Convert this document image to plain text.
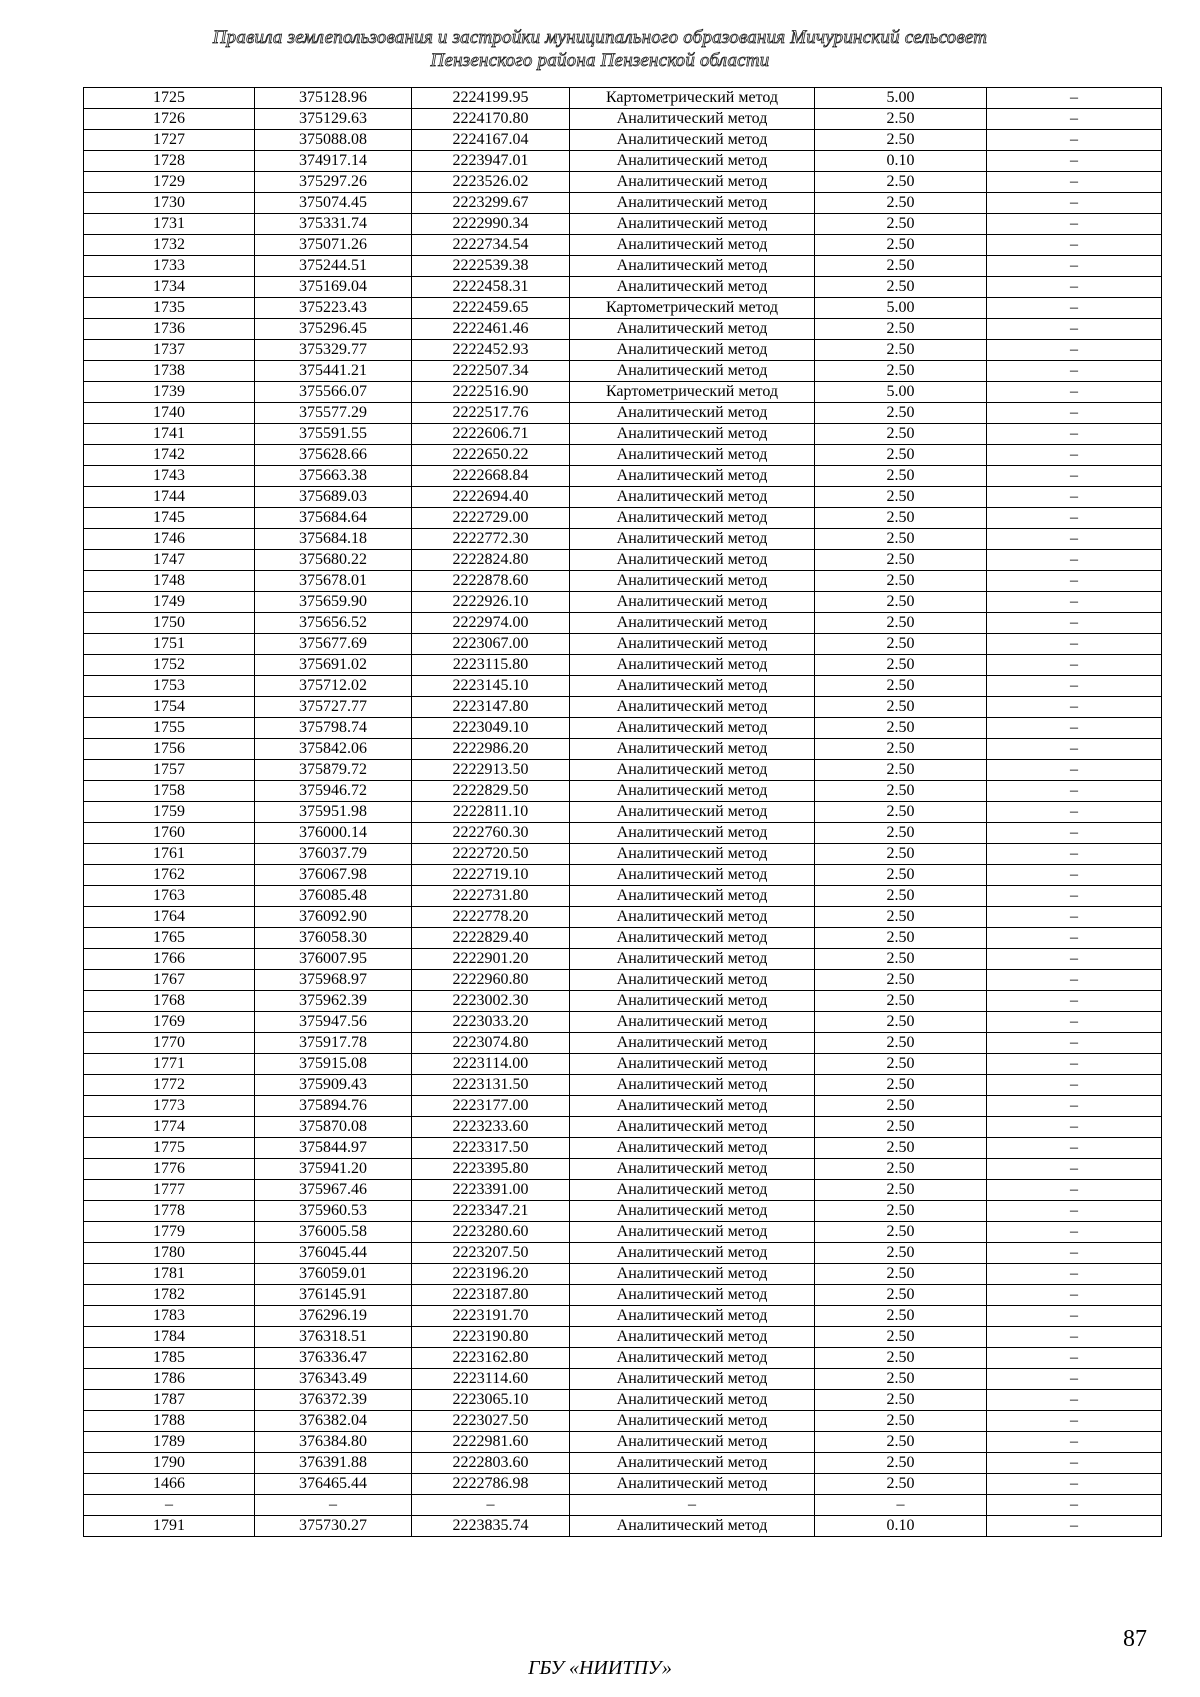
Правила землепользования и застройки муниципального образования Мичуринский сельсовет
Пензенского района Пензенской области
1725	375128.96	2224199.95	Картометрический метод	5.00	–
1726	375129.63	2224170.80	Аналитический метод	2.50	–
1727	375088.08	2224167.04	Аналитический метод	2.50	–
1728	374917.14	2223947.01	Аналитический метод	0.10	–
1729	375297.26	2223526.02	Аналитический метод	2.50	–
1730	375074.45	2223299.67	Аналитический метод	2.50	–
1731	375331.74	2222990.34	Аналитический метод	2.50	–
1732	375071.26	2222734.54	Аналитический метод	2.50	–
1733	375244.51	2222539.38	Аналитический метод	2.50	–
1734	375169.04	2222458.31	Аналитический метод	2.50	–
1735	375223.43	2222459.65	Картометрический метод	5.00	–
1736	375296.45	2222461.46	Аналитический метод	2.50	–
1737	375329.77	2222452.93	Аналитический метод	2.50	–
1738	375441.21	2222507.34	Аналитический метод	2.50	–
1739	375566.07	2222516.90	Картометрический метод	5.00	–
1740	375577.29	2222517.76	Аналитический метод	2.50	–
1741	375591.55	2222606.71	Аналитический метод	2.50	–
1742	375628.66	2222650.22	Аналитический метод	2.50	–
1743	375663.38	2222668.84	Аналитический метод	2.50	–
1744	375689.03	2222694.40	Аналитический метод	2.50	–
1745	375684.64	2222729.00	Аналитический метод	2.50	–
1746	375684.18	2222772.30	Аналитический метод	2.50	–
1747	375680.22	2222824.80	Аналитический метод	2.50	–
1748	375678.01	2222878.60	Аналитический метод	2.50	–
1749	375659.90	2222926.10	Аналитический метод	2.50	–
1750	375656.52	2222974.00	Аналитический метод	2.50	–
1751	375677.69	2223067.00	Аналитический метод	2.50	–
1752	375691.02	2223115.80	Аналитический метод	2.50	–
1753	375712.02	2223145.10	Аналитический метод	2.50	–
1754	375727.77	2223147.80	Аналитический метод	2.50	–
1755	375798.74	2223049.10	Аналитический метод	2.50	–
1756	375842.06	2222986.20	Аналитический метод	2.50	–
1757	375879.72	2222913.50	Аналитический метод	2.50	–
1758	375946.72	2222829.50	Аналитический метод	2.50	–
1759	375951.98	2222811.10	Аналитический метод	2.50	–
1760	376000.14	2222760.30	Аналитический метод	2.50	–
1761	376037.79	2222720.50	Аналитический метод	2.50	–
1762	376067.98	2222719.10	Аналитический метод	2.50	–
1763	376085.48	2222731.80	Аналитический метод	2.50	–
1764	376092.90	2222778.20	Аналитический метод	2.50	–
1765	376058.30	2222829.40	Аналитический метод	2.50	–
1766	376007.95	2222901.20	Аналитический метод	2.50	–
1767	375968.97	2222960.80	Аналитический метод	2.50	–
1768	375962.39	2223002.30	Аналитический метод	2.50	–
1769	375947.56	2223033.20	Аналитический метод	2.50	–
1770	375917.78	2223074.80	Аналитический метод	2.50	–
1771	375915.08	2223114.00	Аналитический метод	2.50	–
1772	375909.43	2223131.50	Аналитический метод	2.50	–
1773	375894.76	2223177.00	Аналитический метод	2.50	–
1774	375870.08	2223233.60	Аналитический метод	2.50	–
1775	375844.97	2223317.50	Аналитический метод	2.50	–
1776	375941.20	2223395.80	Аналитический метод	2.50	–
1777	375967.46	2223391.00	Аналитический метод	2.50	–
1778	375960.53	2223347.21	Аналитический метод	2.50	–
1779	376005.58	2223280.60	Аналитический метод	2.50	–
1780	376045.44	2223207.50	Аналитический метод	2.50	–
1781	376059.01	2223196.20	Аналитический метод	2.50	–
1782	376145.91	2223187.80	Аналитический метод	2.50	–
1783	376296.19	2223191.70	Аналитический метод	2.50	–
1784	376318.51	2223190.80	Аналитический метод	2.50	–
1785	376336.47	2223162.80	Аналитический метод	2.50	–
1786	376343.49	2223114.60	Аналитический метод	2.50	–
1787	376372.39	2223065.10	Аналитический метод	2.50	–
1788	376382.04	2223027.50	Аналитический метод	2.50	–
1789	376384.80	2222981.60	Аналитический метод	2.50	–
1790	376391.88	2222803.60	Аналитический метод	2.50	–
1466	376465.44	2222786.98	Аналитический метод	2.50	–
–	–	–	–	–	–
1791	375730.27	2223835.74	Аналитический метод	0.10	–
87
ГБУ «НИИТПУ»
